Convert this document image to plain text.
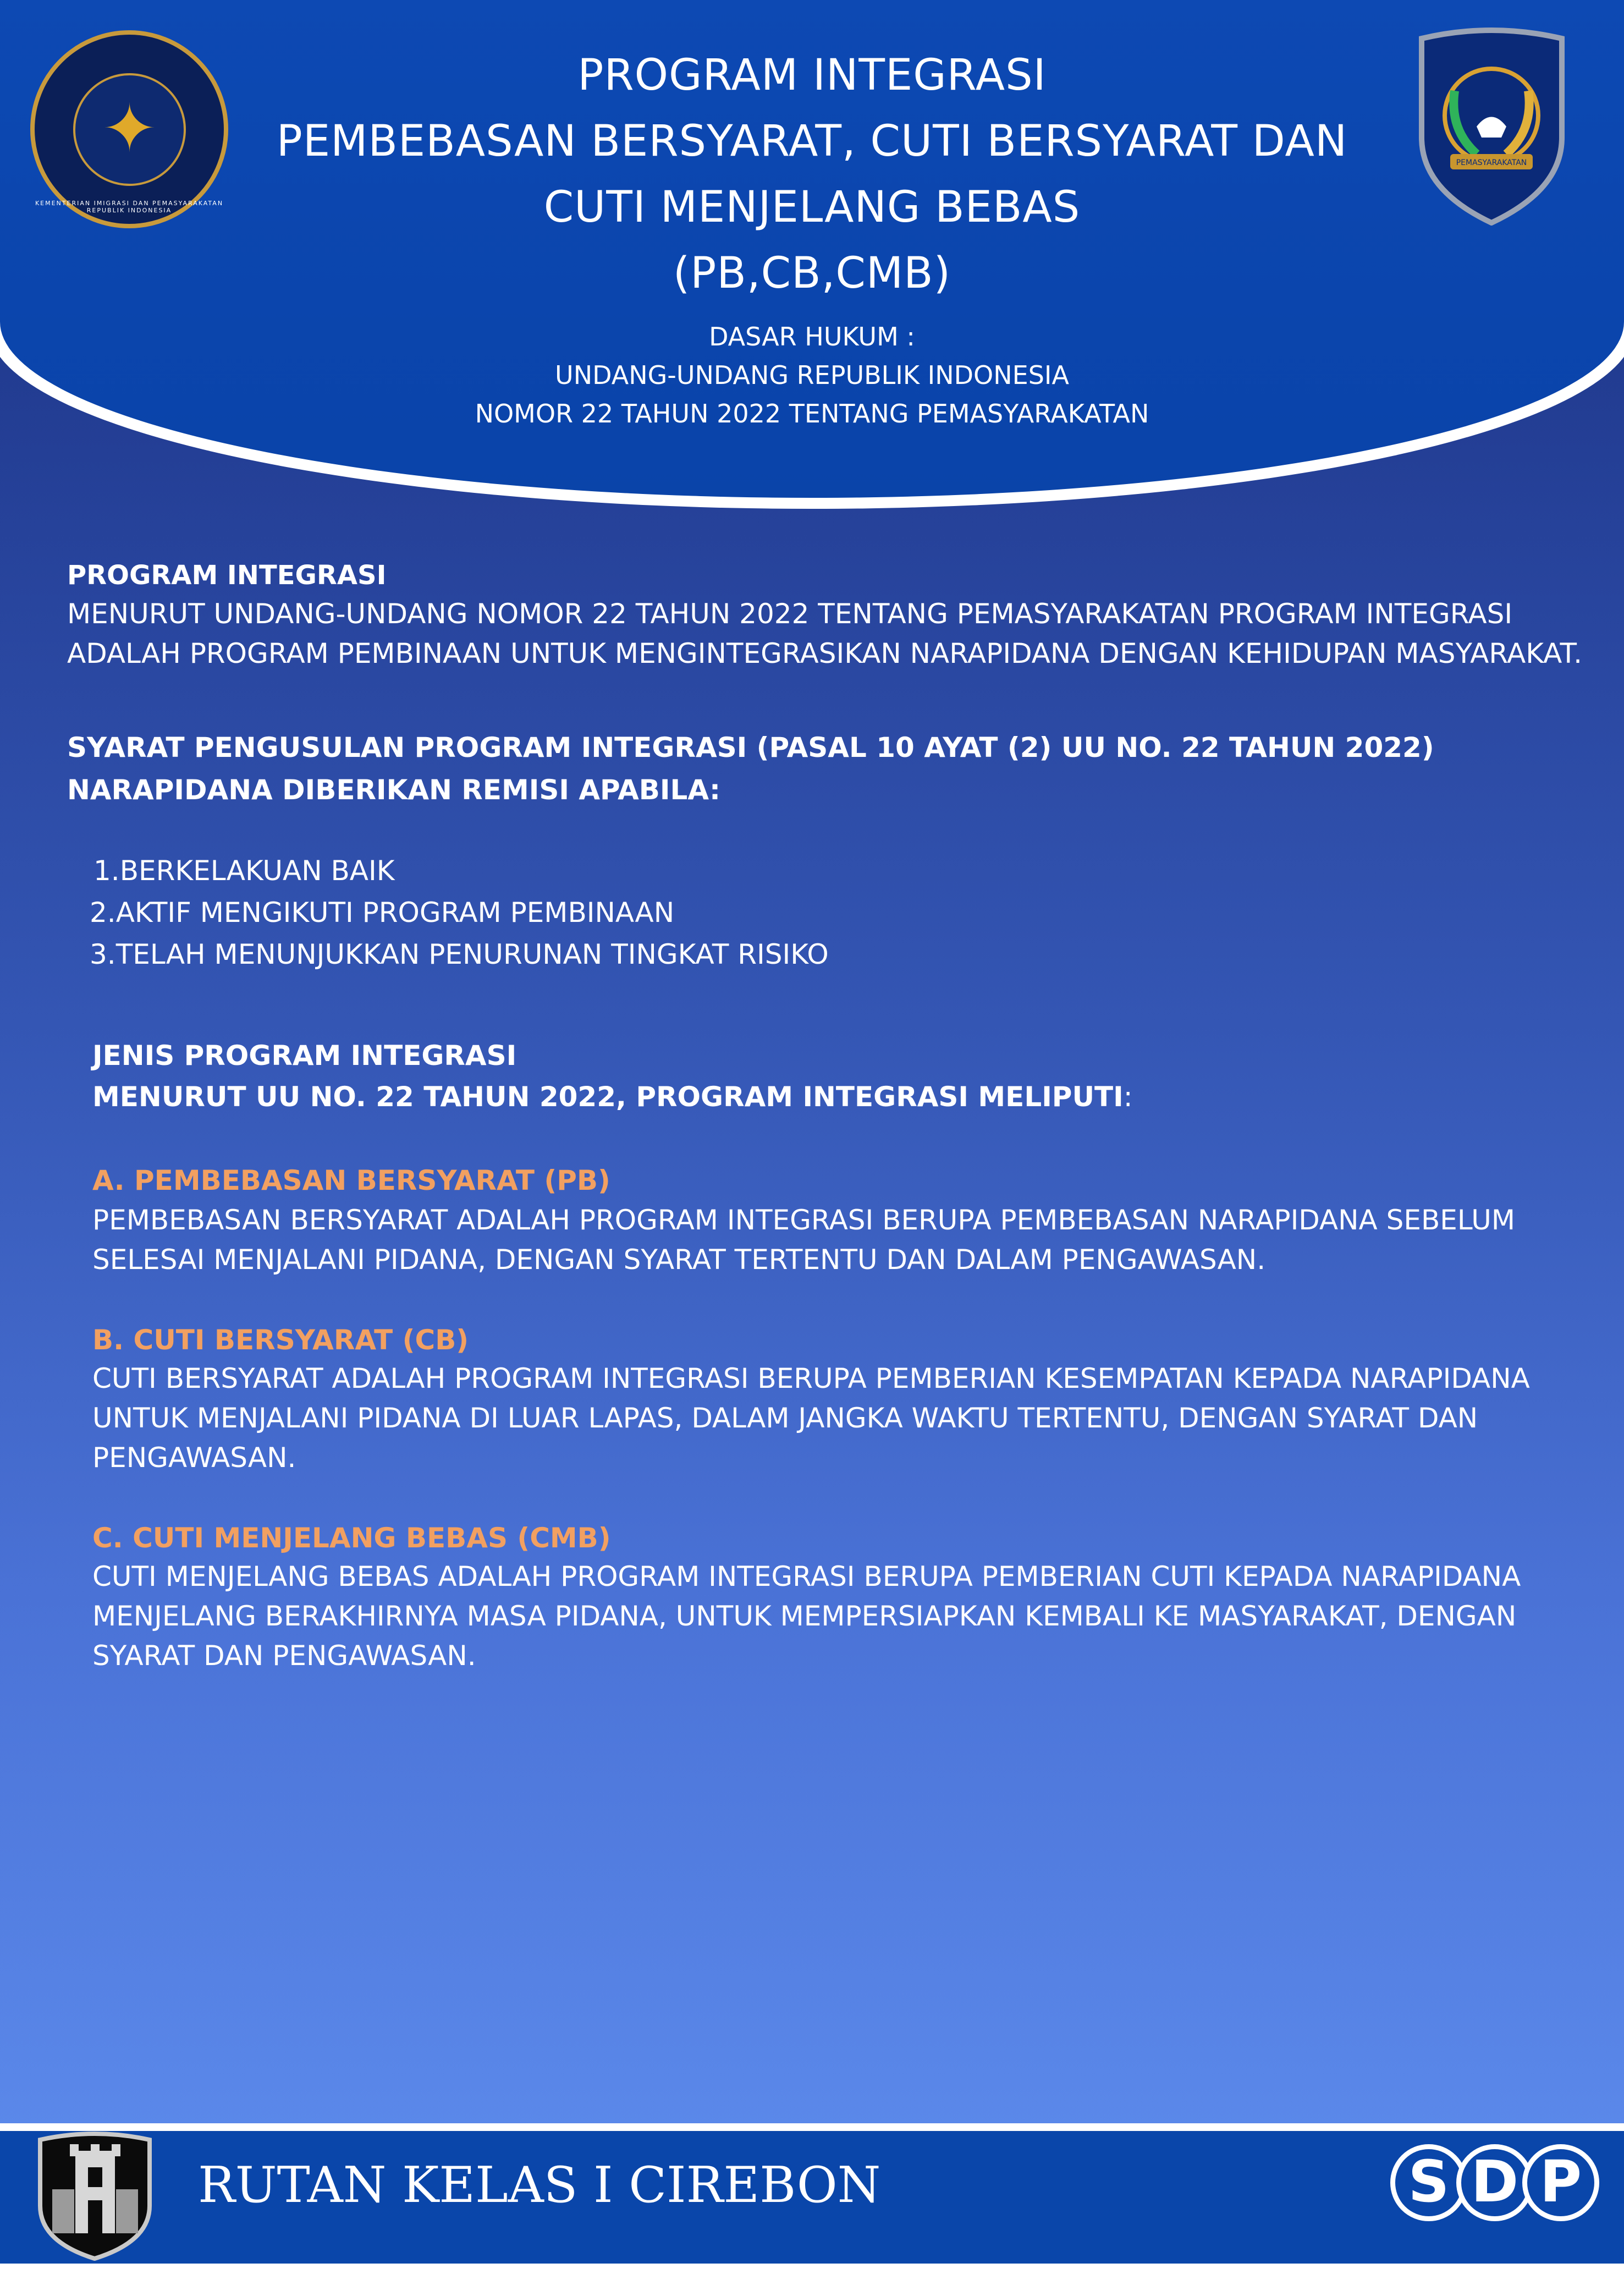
PROGRAM INTEGRASI
PEMBEBASAN BERSYARAT, CUTI BERSYARAT DAN
CUTI MENJELANG BEBAS
(PB,CB,CMB)
DASAR HUKUM :
UNDANG-UNDANG REPUBLIK INDONESIA
NOMOR 22 TAHUN 2022 TENTANG PEMASYARAKATAN
✦
KEMENTERIAN IMIGRASI DAN PEMASYARAKATAN REPUBLIK INDONESIA
PEMASYARAKATAN
PROGRAM INTEGRASI
MENURUT UNDANG-UNDANG NOMOR 22 TAHUN 2022 TENTANG PEMASYARAKATAN PROGRAM INTEGRASI
ADALAH PROGRAM PEMBINAAN UNTUK MENGINTEGRASIKAN NARAPIDANA DENGAN KEHIDUPAN MASYARAKAT.
SYARAT PENGUSULAN PROGRAM INTEGRASI (PASAL 10 AYAT (2) UU NO. 22 TAHUN 2022)
NARAPIDANA DIBERIKAN REMISI APABILA:
1.BERKELAKUAN BAIK
2.AKTIF MENGIKUTI PROGRAM PEMBINAAN
3.TELAH MENUNJUKKAN PENURUNAN TINGKAT RISIKO
JENIS PROGRAM INTEGRASI
MENURUT UU NO. 22 TAHUN 2022, PROGRAM INTEGRASI MELIPUTI:
A. PEMBEBASAN BERSYARAT (PB)
PEMBEBASAN BERSYARAT ADALAH PROGRAM INTEGRASI BERUPA PEMBEBASAN NARAPIDANA SEBELUM
SELESAI MENJALANI PIDANA, DENGAN SYARAT TERTENTU DAN DALAM PENGAWASAN.
B. CUTI BERSYARAT (CB)
CUTI BERSYARAT ADALAH PROGRAM INTEGRASI BERUPA PEMBERIAN KESEMPATAN KEPADA NARAPIDANA
UNTUK MENJALANI PIDANA DI LUAR LAPAS, DALAM JANGKA WAKTU TERTENTU, DENGAN SYARAT DAN
PENGAWASAN.
C. CUTI MENJELANG BEBAS (CMB)
CUTI MENJELANG BEBAS ADALAH PROGRAM INTEGRASI BERUPA PEMBERIAN CUTI KEPADA NARAPIDANA
MENJELANG BERAKHIRNYA MASA PIDANA, UNTUK MEMPERSIAPKAN KEMBALI KE MASYARAKAT, DENGAN
SYARAT DAN PENGAWASAN.
RUTAN KELAS I CIREBON	S D P
